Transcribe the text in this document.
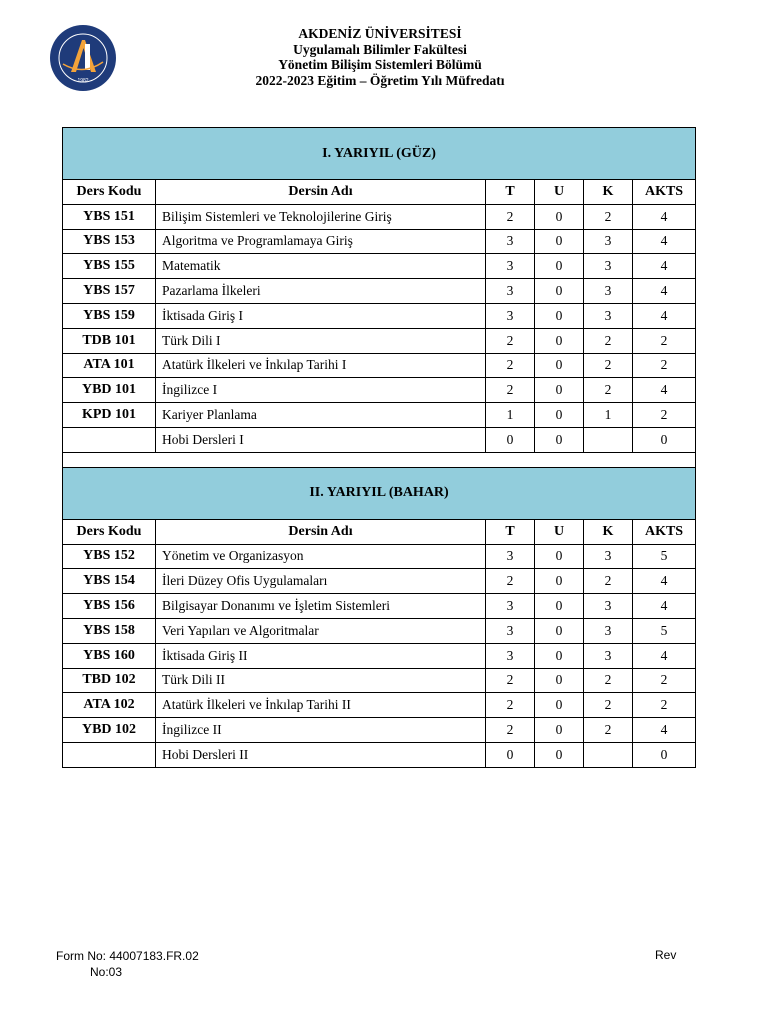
1982
AKDENİZ ÜNİVERSİTESİ
Uygulamalı Bilimler Fakültesi
Yönetim Bilişim Sistemleri Bölümü
2022-2023 Eğitim – Öğretim Yılı Müfredatı
I. YARIYIL (GÜZ)					
Ders Kodu	Dersin Adı	T	U	K	AKTS
YBS 151	Bilişim Sistemleri ve Teknolojilerine Giriş	2	0	2	4
YBS 153	Algoritma ve Programlamaya Giriş	3	0	3	4
YBS 155	Matematik	3	0	3	4
YBS 157	Pazarlama İlkeleri	3	0	3	4
YBS 159	İktisada Giriş I	3	0	3	4
TDB 101	Türk Dili I	2	0	2	2
ATA 101	Atatürk İlkeleri ve İnkılap Tarihi I	2	0	2	2
YBD 101	İngilizce I	2	0	2	4
KPD 101	Kariyer Planlama	1	0	1	2
	Hobi Dersleri I	0	0		0

II. YARIYIL (BAHAR)					
Ders Kodu	Dersin Adı	T	U	K	AKTS
YBS 152	Yönetim ve Organizasyon	3	0	3	5
YBS 154	İleri Düzey Ofis Uygulamaları	2	0	2	4
YBS 156	Bilgisayar Donanımı ve İşletim Sistemleri	3	0	3	4
YBS 158	Veri Yapıları ve Algoritmalar	3	0	3	5
YBS 160	İktisada Giriş II	3	0	3	4
TBD 102	Türk Dili II	2	0	2	2
ATA 102	Atatürk İlkeleri ve İnkılap Tarihi II	2	0	2	2
YBD 102	İngilizce II	2	0	2	4
	Hobi Dersleri II	0	0		0
Form No: 44007183.FR.02
No:03
Rev
